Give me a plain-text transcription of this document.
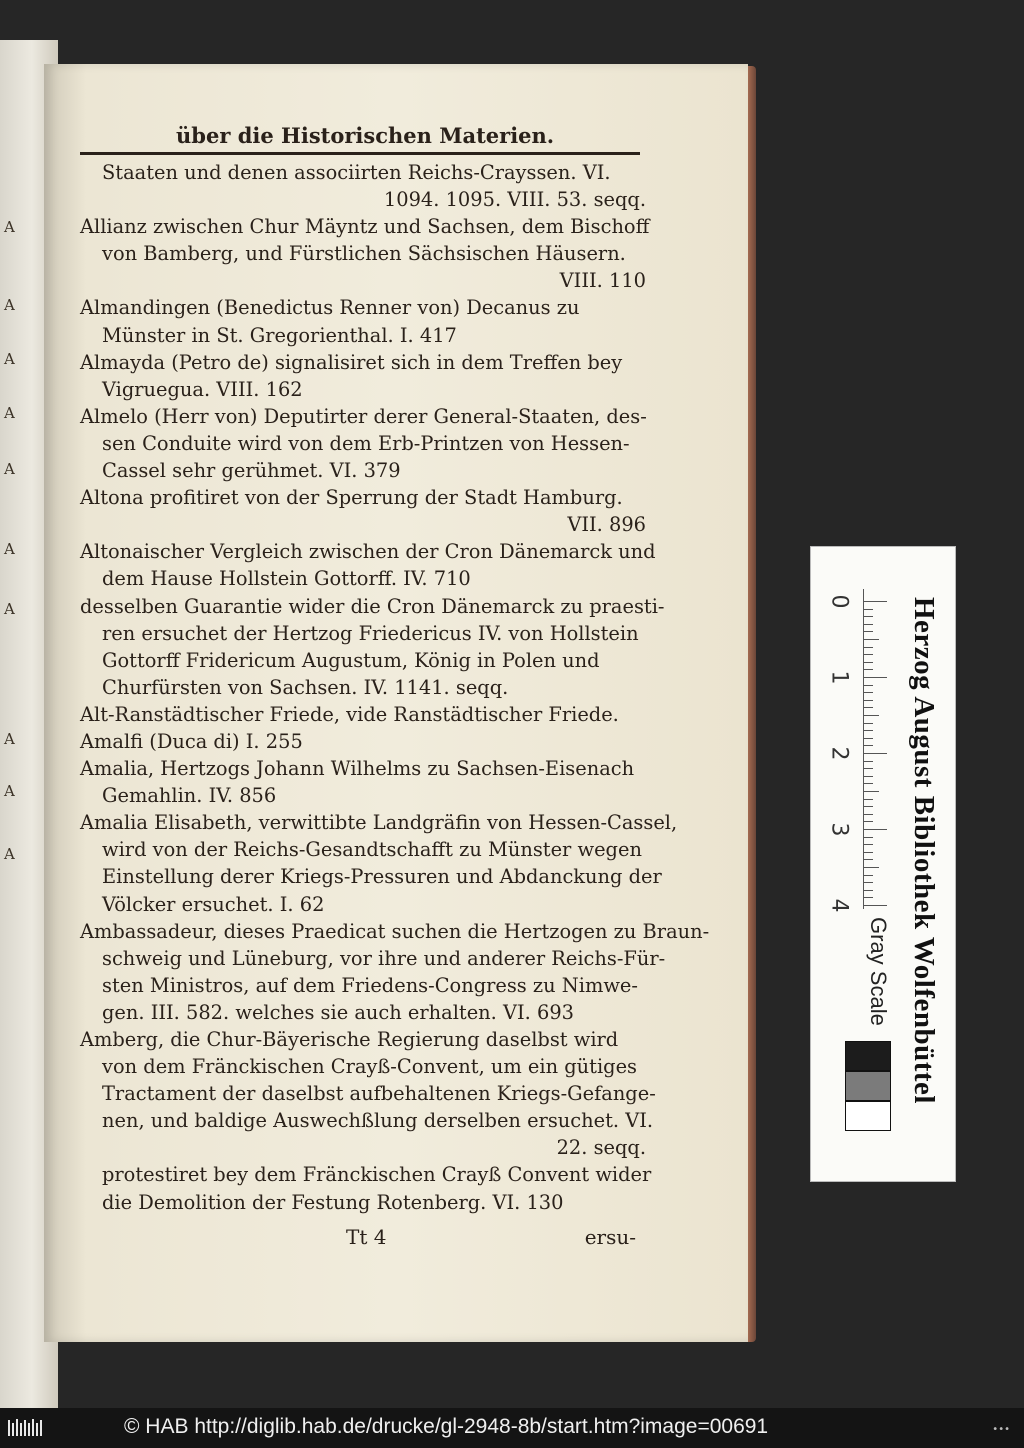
A
A
A
A
A
A
A
A
A
A
über die Historischen Materien.
Staaten und denen associirten Reichs-Crayssen. VI.
1094. 1095. VIII. 53. seqq.
Allianz zwischen Chur Mäyntz und Sachsen, dem Bischoff
von Bamberg, und Fürstlichen Sächsischen Häusern.
VIII. 110
Almandingen (Benedictus Renner von) Decanus zu
Münster in St. Gregorienthal. I. 417
Almayda (Petro de) signalisiret sich in dem Treffen bey
Vigruegua. VIII. 162
Almelo (Herr von) Deputirter derer General-Staaten, des-
sen Conduite wird von dem Erb-Printzen von Hessen-
Cassel sehr gerühmet. VI. 379
Altona profitiret von der Sperrung der Stadt Hamburg.
VII. 896
Altonaischer Vergleich zwischen der Cron Dänemarck und
dem Hause Hollstein Gottorff. IV. 710
desselben Guarantie wider die Cron Dänemarck zu praesti-
ren ersuchet der Hertzog Friedericus IV. von Hollstein
Gottorff Fridericum Augustum, König in Polen und
Churfürsten von Sachsen. IV. 1141. seqq.
Alt-Ranstädtischer Friede, vide Ranstädtischer Friede.
Amalfi (Duca di) I. 255
Amalia, Hertzogs Johann Wilhelms zu Sachsen-Eisenach
Gemahlin. IV. 856
Amalia Elisabeth, verwittibte Landgräfin von Hessen-Cassel,
wird von der Reichs-Gesandtschafft zu Münster wegen
Einstellung derer Kriegs-Pressuren und Abdanckung der
Völcker ersuchet. I. 62
Ambassadeur, dieses Praedicat suchen die Hertzogen zu Braun-
schweig und Lüneburg, vor ihre und anderer Reichs-Für-
sten Ministros, auf dem Friedens-Congress zu Nimwe-
gen. III. 582. welches sie auch erhalten. VI. 693
Amberg, die Chur-Bäyerische Regierung daselbst wird
von dem Fränckischen Crayß-Convent, um ein gütiges
Tractament der daselbst aufbehaltenen Kriegs-Gefange-
nen, und baldige Auswechßlung derselben ersuchet. VI.
22. seqq.
protestiret bey dem Fränckischen Crayß Convent wider
die Demolition der Festung Rotenberg. VI. 130
Tt 4	ersu-
0
1
2
3
4 Herzog August Bibliothek Wolfenbüttel
Gray Scale
© HAB http://diglib.hab.de/drucke/gl-2948-8b/start.htm?image=00691	•••
